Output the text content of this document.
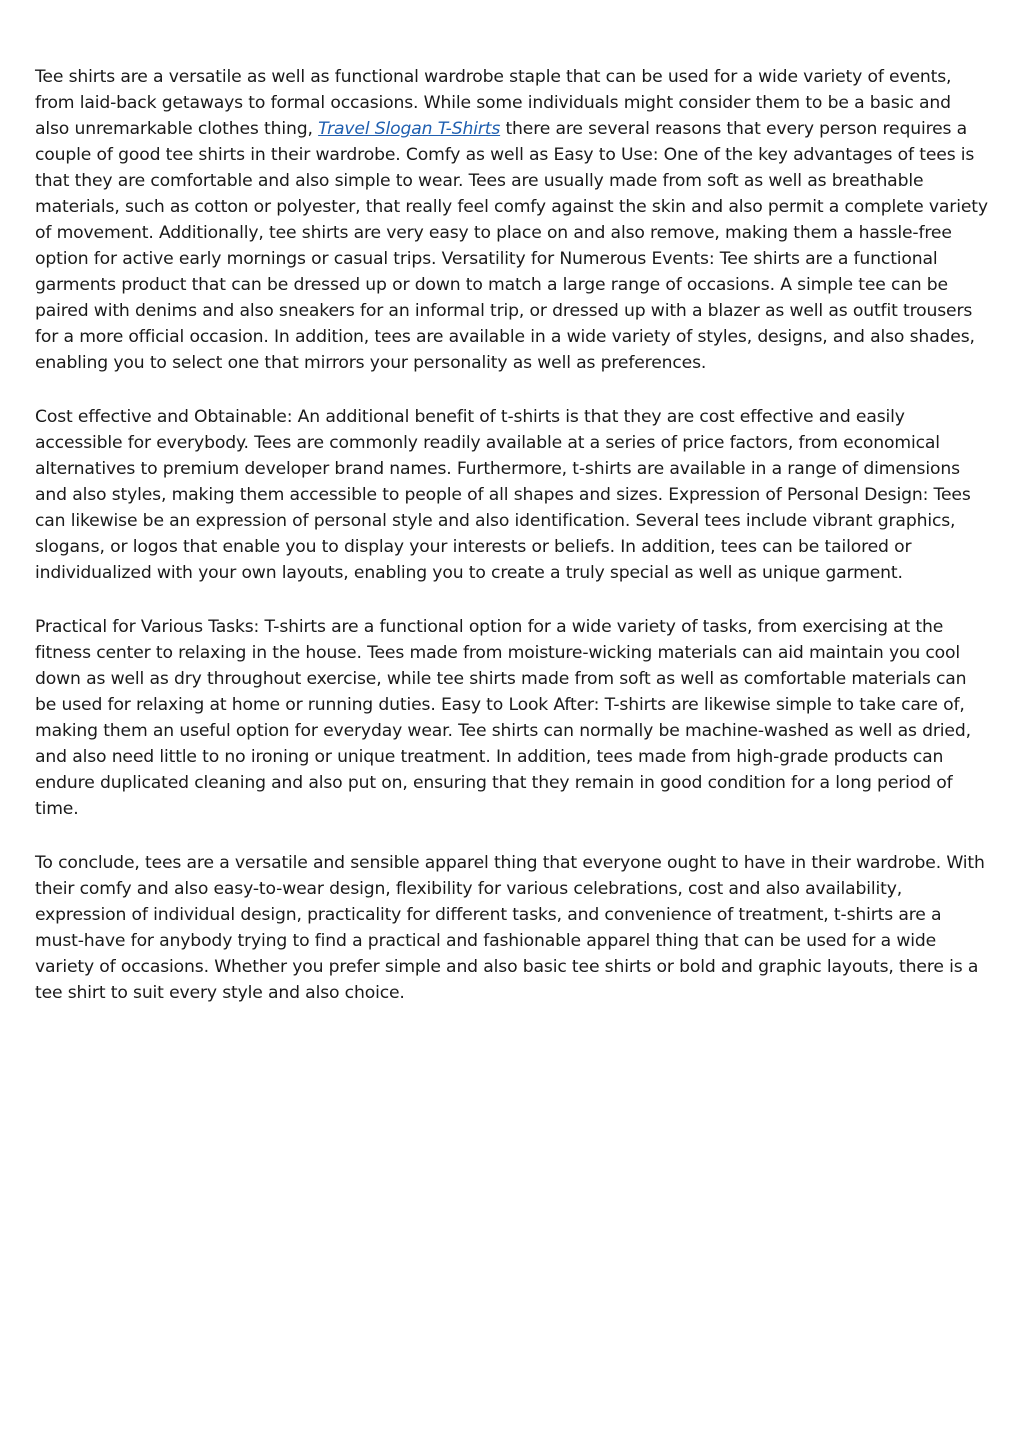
Tee shirts are a versatile as well as functional wardrobe staple that can be used for a wide variety of events, from laid-back getaways to formal occasions. While some individuals might consider them to be a basic and also unremarkable clothes thing, Travel Slogan T-Shirts there are several reasons that every person requires a couple of good tee shirts in their wardrobe. Comfy as well as Easy to Use: One of the key advantages of tees is that they are comfortable and also simple to wear. Tees are usually made from soft as well as breathable materials, such as cotton or polyester, that really feel comfy against the skin and also permit a complete variety of movement. Additionally, tee shirts are very easy to place on and also remove, making them a hassle-free option for active early mornings or casual trips. Versatility for Numerous Events: Tee shirts are a functional garments product that can be dressed up or down to match a large range of occasions. A simple tee can be paired with denims and also sneakers for an informal trip, or dressed up with a blazer as well as outfit trousers for a more official occasion. In addition, tees are available in a wide variety of styles, designs, and also shades, enabling you to select one that mirrors your personality as well as preferences.

Cost effective and Obtainable: An additional benefit of t-shirts is that they are cost effective and easily accessible for everybody. Tees are commonly readily available at a series of price factors, from economical alternatives to premium developer brand names. Furthermore, t-shirts are available in a range of dimensions and also styles, making them accessible to people of all shapes and sizes. Expression of Personal Design: Tees can likewise be an expression of personal style and also identification. Several tees include vibrant graphics, slogans, or logos that enable you to display your interests or beliefs. In addition, tees can be tailored or individualized with your own layouts, enabling you to create a truly special as well as unique garment.

Practical for Various Tasks: T-shirts are a functional option for a wide variety of tasks, from exercising at the fitness center to relaxing in the house. Tees made from moisture-wicking materials can aid maintain you cool down as well as dry throughout exercise, while tee shirts made from soft as well as comfortable materials can be used for relaxing at home or running duties. Easy to Look After: T-shirts are likewise simple to take care of, making them an useful option for everyday wear. Tee shirts can normally be machine-washed as well as dried, and also need little to no ironing or unique treatment. In addition, tees made from high-grade products can endure duplicated cleaning and also put on, ensuring that they remain in good condition for a long period of time.

To conclude, tees are a versatile and sensible apparel thing that everyone ought to have in their wardrobe. With their comfy and also easy-to-wear design, flexibility for various celebrations, cost and also availability, expression of individual design, practicality for different tasks, and convenience of treatment, t-shirts are a must-have for anybody trying to find a practical and fashionable apparel thing that can be used for a wide variety of occasions. Whether you prefer simple and also basic tee shirts or bold and graphic layouts, there is a tee shirt to suit every style and also choice.
